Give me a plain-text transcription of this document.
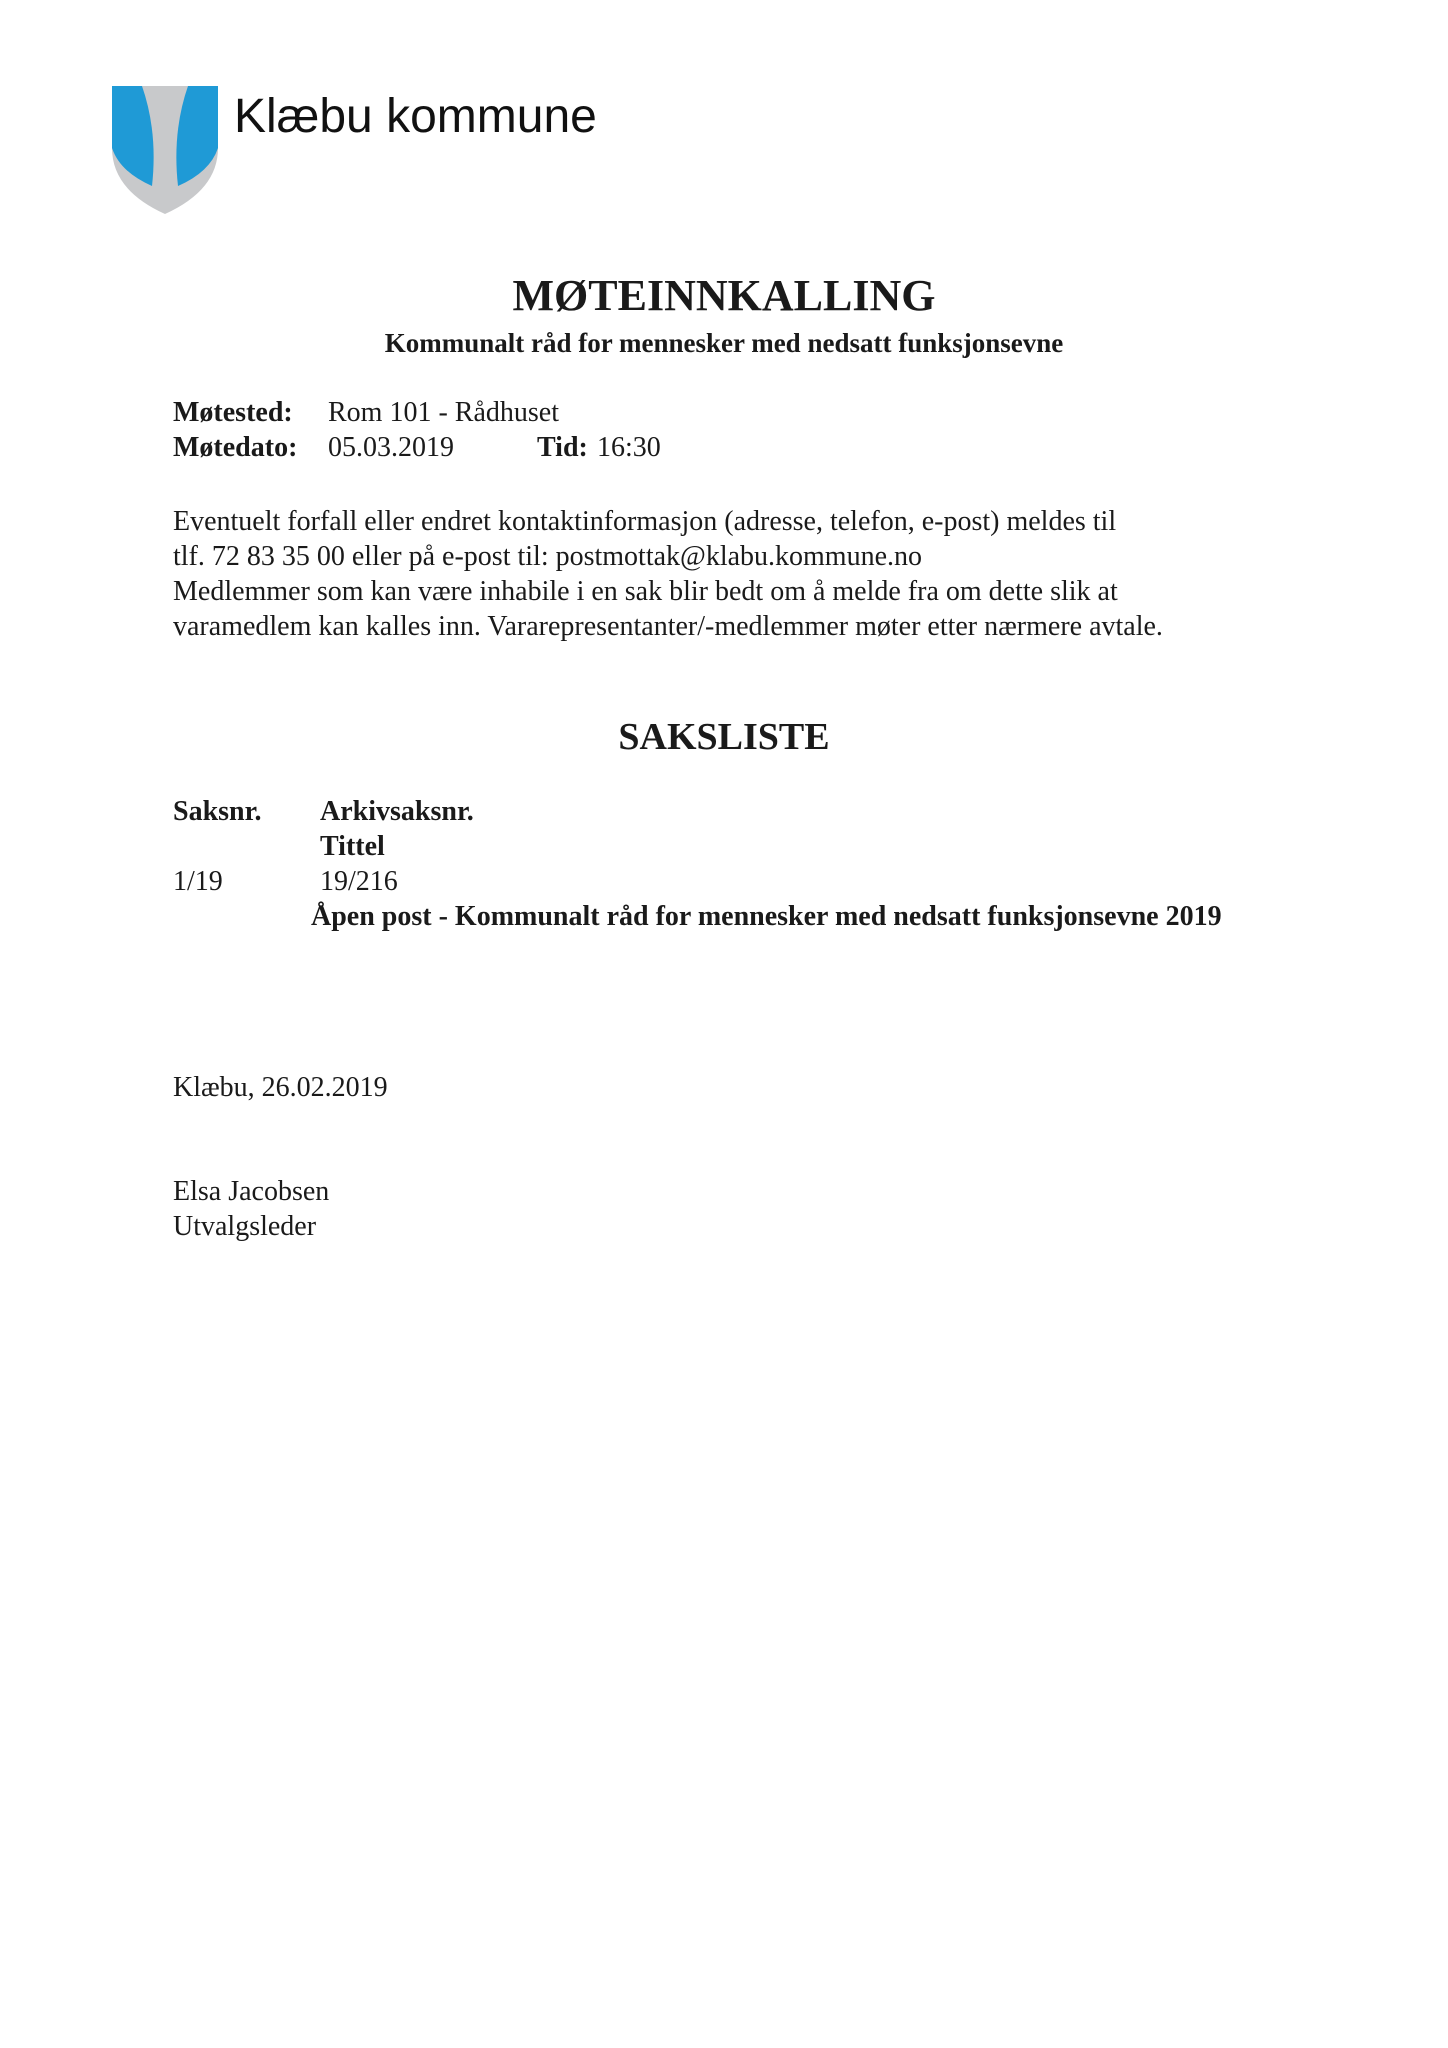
Klæbu kommune
MØTEINNKALLING
Kommunalt råd for mennesker med nedsatt funksjonsevne
Møtested: Rom 101 - Rådhuset
Møtedato: 05.03.2019	Tid: 16:30
Eventuelt forfall eller endret kontaktinformasjon (adresse, telefon, e-post) meldes til
tlf. 72 83 35 00 eller på e-post til: postmottak@klabu.kommune.no
Medlemmer som kan være inhabile i en sak blir bedt om å melde fra om dette slik at
varamedlem kan kalles inn. Vararepresentanter/-medlemmer møter etter nærmere avtale.
SAKSLISTE
Saksnr. Arkivsaksnr.
Tittel
1/19	19/216
Åpen post - Kommunalt råd for mennesker med nedsatt funksjonsevne 2019
Klæbu, 26.02.2019
Elsa Jacobsen
Utvalgsleder
